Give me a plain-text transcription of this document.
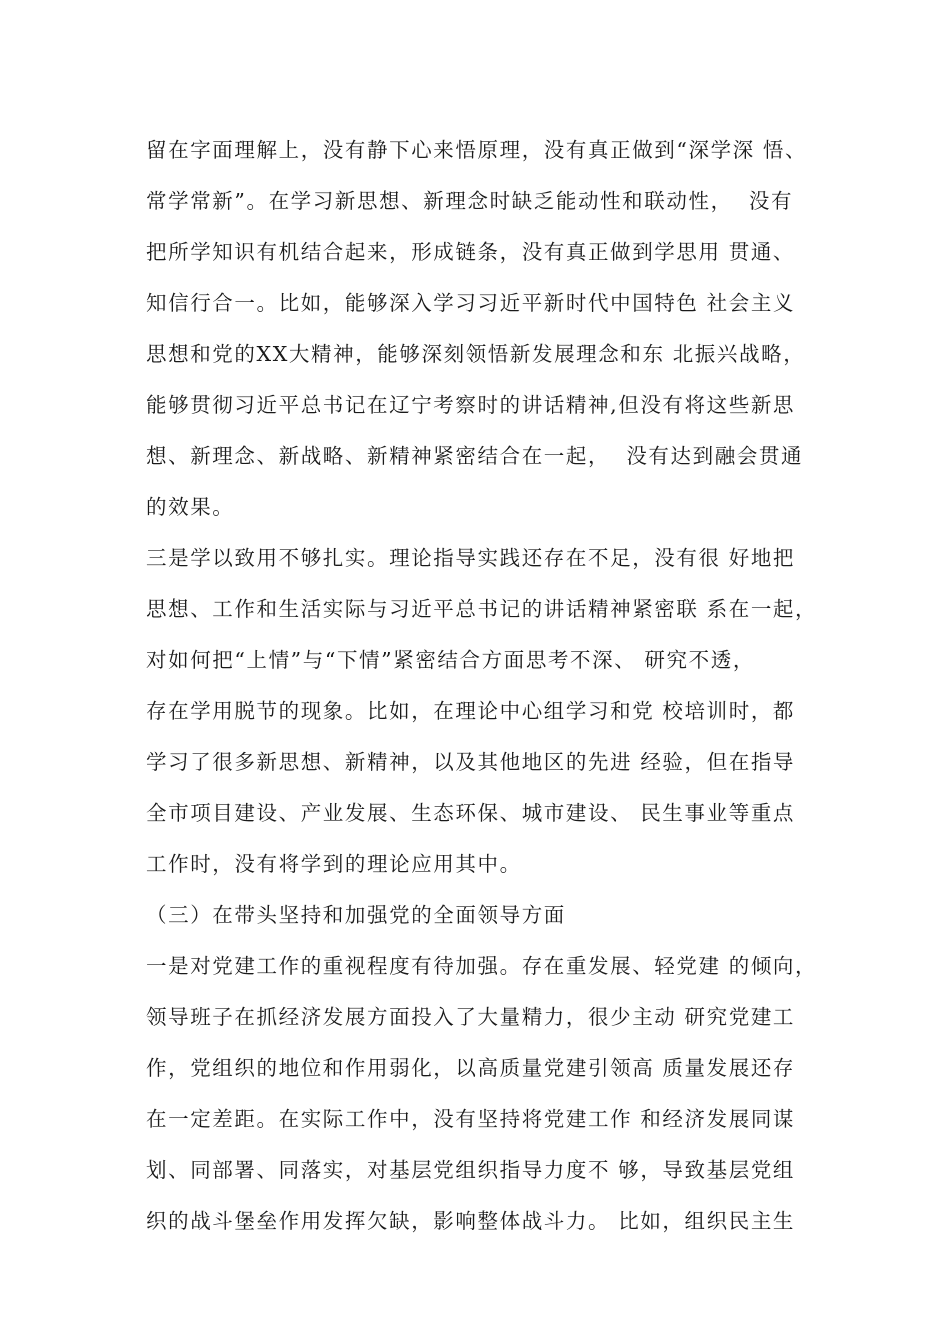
留在字面理解上，没有静下心来悟原理，没有真正做到“深学深 悟、
常学常新”。在学习新思想、新理念时缺乏能动性和联动性，  没有
把所学知识有机结合起来，形成链条，没有真正做到学思用 贯通、
知信行合一。比如，能够深入学习习近平新时代中国特色 社会主义
思想和党的XX大精神，能够深刻领悟新发展理念和东 北振兴战略，
能够贯彻习近平总书记在辽宁考察时的讲话精神,但没有将这些新思
想、新理念、新战略、新精神紧密结合在一起，  没有达到融会贯通
的效果。
三是学以致用不够扎实。理论指导实践还存在不足，没有很 好地把
思想、工作和生活实际与习近平总书记的讲话精神紧密联 系在一起，
对如何把“上情”与“下情”紧密结合方面思考不深、 研究不透，
存在学用脱节的现象。比如，在理论中心组学习和党 校培训时，都
学习了很多新思想、新精神，以及其他地区的先进 经验，但在指导
全市项目建设、产业发展、生态环保、城市建设、 民生事业等重点
工作时，没有将学到的理论应用其中。
（三）在带头坚持和加强党的全面领导方面
一是对党建工作的重视程度有待加强。存在重发展、轻党建 的倾向，
领导班子在抓经济发展方面投入了大量精力，很少主动 研究党建工
作，党组织的地位和作用弱化，以高质量党建引领高 质量发展还存
在一定差距。在实际工作中，没有坚持将党建工作 和经济发展同谋
划、同部署、同落实，对基层党组织指导力度不 够，导致基层党组
织的战斗堡垒作用发挥欠缺，影响整体战斗力。 比如，组织民主生
